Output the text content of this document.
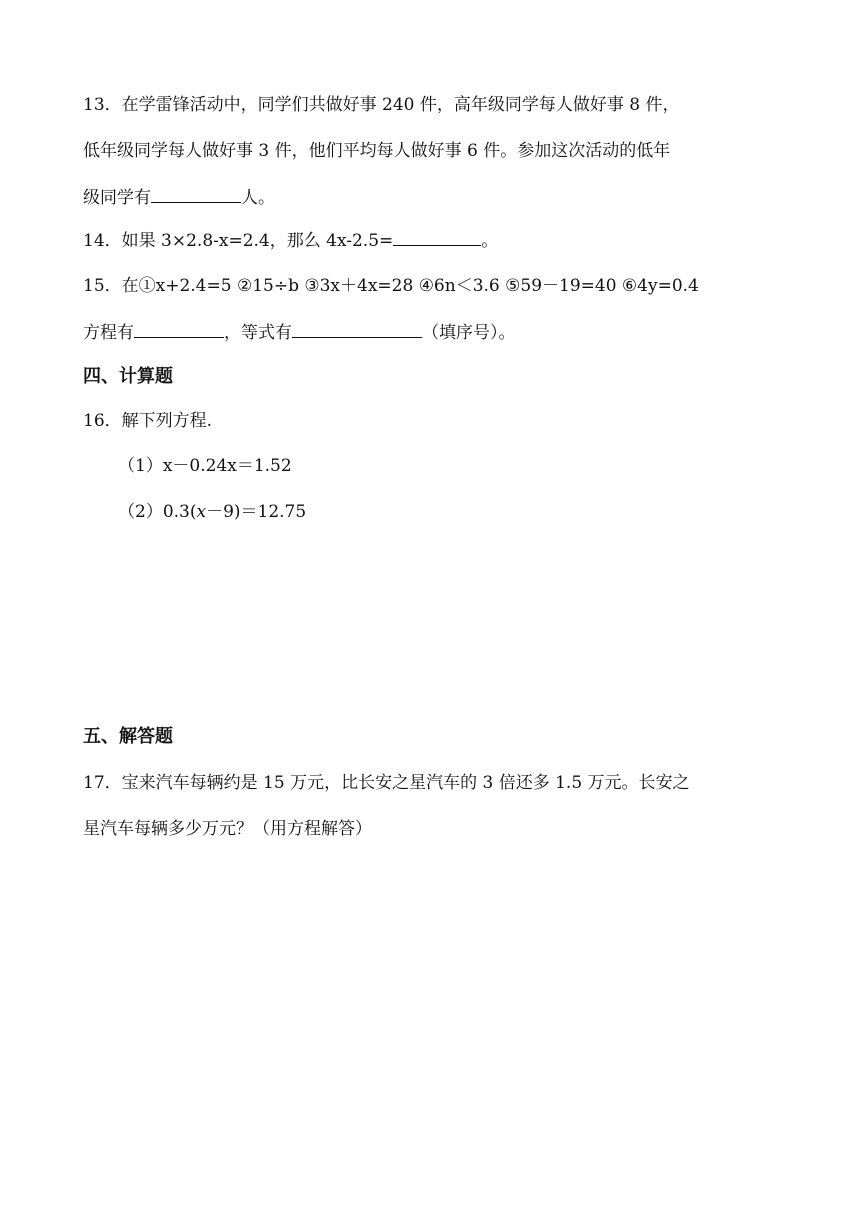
13．在学雷锋活动中，同学们共做好事 240 件，高年级同学每人做好事 8 件，
低年级同学每人做好事 3 件，他们平均每人做好事 6 件。参加这次活动的低年
级同学有	人。
14．如果 3×2.8-x=2.4，那么 4x-2.5=	。
15．在①x+2.4=5 ②15÷b ③3x＋4x=28 ④6n＜3.6 ⑤59－19=40 ⑥4y=0.4
方程有	，等式有	（填序号）。
四、计算题
16．解下列方程.
（1）x－0.24x＝1.52
（2）0.3(x－9)＝12.75
五、解答题
17．宝来汽车每辆约是 15 万元，比长安之星汽车的 3 倍还多 1.5 万元。长安之
星汽车每辆多少万元？（用方程解答）
